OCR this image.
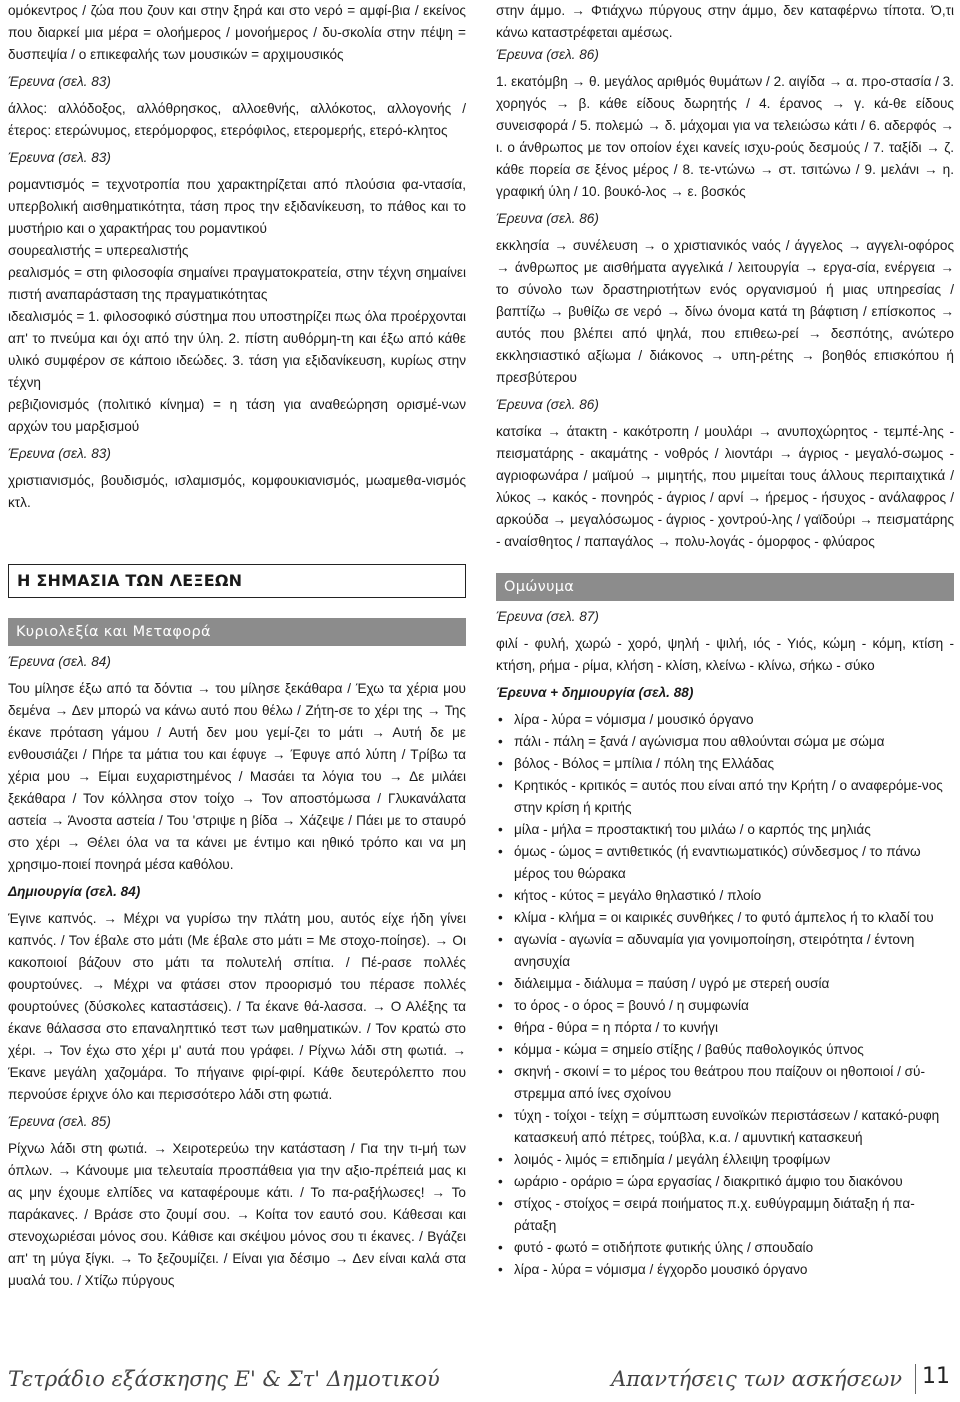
ομόκεντρος / ζώα που ζουν και στην ξηρά και στο νερό = αμφί-βια / εκείνος που διαρκεί μια μέρα = ολοήμερος / μονοήμερος / δυ-σκολία στην πέψη = δυσπεψία / ο επικεφαλής των μουσικών = αρχιμουσικός

Έρευνα (σελ. 83)

άλλος: αλλόδοξος, αλλόθρησκος, αλλοεθνής, αλλόκοτος, αλλογονής / έτερος: ετερώνυμος, ετερόμορφος, ετερόφιλος, ετερομερής, ετερό-κλητος

Έρευνα (σελ. 83)

ρομαντισμός = τεχνοτροπία που χαρακτηρίζεται από πλούσια φα-ντασία, υπερβολική αισθηματικότητα, τάση προς την εξιδανίκευση, το πάθος και το μυστήριο και ο χαρακτήρας του ρομαντικού

σουρεαλιστής = υπερεαλιστής

ρεαλισμός = στη φιλοσοφία σημαίνει πραγματοκρατεία, στην τέχνη σημαίνει πιστή αναπαράσταση της πραγματικότητας

ιδεαλισμός = 1. φιλοσοφικό σύστημα που υποστηρίζει πως όλα προέρχονται απ' το πνεύμα και όχι από την ύλη. 2. πίστη αυθόρμη-τη και έξω από κάθε υλικό συμφέρον σε κάποιο ιδεώδες. 3. τάση για εξιδανίκευση, κυρίως στην τέχνη

ρεβιζιονισμός (πολιτικό κίνημα) = η τάση για αναθεώρηση ορισμέ-νων αρχών του μαρξισμού

Έρευνα (σελ. 83)

χριστιανισμός, βουδισμός, ισλαμισμός, κομφουκιανισμός, μωαμεθα-νισμός κτλ.

Η ΣΗΜΑΣΙΑ ΤΩΝ ΛΕΞΕΩΝ
Κυριολεξία και Μεταφορά

Έρευνα (σελ. 84)

Του μίλησε έξω από τα δόντια → του μίλησε ξεκάθαρα / Έχω τα χέρια μου δεμένα → Δεν μπορώ να κάνω αυτό που θέλω / Ζήτη-σε το χέρι της → Της έκανε πρόταση γάμου / Αυτή δεν μου γεμί-ζει το μάτι → Αυτή δε με ενθουσιάζει / Πήρε τα μάτια του και έφυγε → Έφυγε από λύπη / Τρίβω τα χέρια μου → Είμαι ευχαριστημένος / Μασάει τα λόγια του → Δε μιλάει ξεκάθαρα / Τον κόλλησα στον τοίχο → Τον αποστόμωσα / Γλυκανάλατα αστεία → Άνοστα αστεία / Του 'στριψε η βίδα → Χάζεψε / Πάει με το σταυρό στο χέρι → Θέλει όλα να τα κάνει με έντιμο και ηθικό τρόπο και να μη χρησιμο-ποιεί πονηρά μέσα καθόλου.

Δημιουργία (σελ. 84)

Έγινε καπνός. → Μέχρι να γυρίσω την πλάτη μου, αυτός είχε ήδη γίνει καπνός. / Τον έβαλε στο μάτι (Με έβαλε στο μάτι = Με στοχο-ποίησε). → Οι κακοποιοί βάζουν στο μάτι τα πολυτελή σπίτια. / Πέ-ρασε πολλές φουρτούνες. → Μέχρι να φτάσει στον προορισμό του πέρασε πολλές φουρτούνες (δύσκολες καταστάσεις). / Τα έκανε θά-λασσα. → Ο Αλέξης τα έκανε θάλασσα στο επαναληπτικό τεστ των μαθηματικών. / Τον κρατώ στο χέρι. → Τον έχω στο χέρι μ' αυτά που γράφει. / Ρίχνω λάδι στη φωτιά. → Έκανε μεγάλη χαζομάρα. Το πήγαινε φιρί-φιρί. Κάθε δευτερόλεπτο που περνούσε έριχνε όλο και περισσότερο λάδι στη φωτιά.

Έρευνα (σελ. 85)

Ρίχνω λάδι στη φωτιά. → Χειροτερεύω την κατάσταση / Για την τι-μή των όπλων. → Κάνουμε μια τελευταία προσπάθεια για την αξιο-πρέπειά μας κι ας μην έχουμε ελπίδες να καταφέρουμε κάτι. / Το πα-ραξήλωσες! → Το παράκανες. / Βράσε στο ζουμί σου. → Κοίτα τον εαυτό σου. Κάθεσαι και στενοχωριέσαι μόνος σου. Κάθισε και σκέψου μόνος σου τι έκανες. / Βγάζει απ' τη μύγα ξίγκι. → Το ξεζουμίζει. / Είναι για δέσιμο → Δεν είναι καλά στα μυαλά του. / Χτίζω πύργους

στην άμμο. → Φτιάχνω πύργους στην άμμο, δεν καταφέρνω τίποτα. Ό,τι κάνω καταστρέφεται αμέσως.

Έρευνα (σελ. 86)

1. εκατόμβη → θ. μεγάλος αριθμός θυμάτων / 2. αιγίδα → α. προ-στασία / 3. χορηγός → β. κάθε είδους δωρητής / 4. έρανος → γ. κά-θε είδους συνεισφορά / 5. πολεμώ → δ. μάχομαι για να τελειώσω κάτι / 6. αδερφός → ι. ο άνθρωπος με τον οποίον έχει κανείς ισχυ-ρούς δεσμούς / 7. ταξίδι → ζ. κάθε πορεία σε ξένος μέρος / 8. τε-ντώνω → στ. τσιτώνω / 9. μελάνι → η. γραφική ύλη / 10. βουκό-λος → ε. βοσκός

Έρευνα (σελ. 86)

εκκλησία → συνέλευση → ο χριστιανικός ναός / άγγελος → αγγελι-οφόρος → άνθρωπος με αισθήματα αγγελικά / λειτουργία → εργα-σία, ενέργεια → το σύνολο των δραστηριοτήτων ενός οργανισμού ή μιας υπηρεσίας / βαπτίζω → βυθίζω σε νερό → δίνω όνομα κατά τη βάφτιση / επίσκοπος → αυτός που βλέπει από ψηλά, που επιθεω-ρεί → δεσπότης, ανώτερο εκκλησιαστικό αξίωμα / διάκονος → υπη-ρέτης → βοηθός επισκόπου ή πρεσβύτερου

Έρευνα (σελ. 86)

κατσίκα → άτακτη - κακότροπη / μουλάρι → ανυποχώρητος - τεμπέ-λης - πεισματάρης - ακαμάτης - νοθρός / λιοντάρι → άγριος - μεγαλό-σωμος - αγριοφωνάρα / μαϊμού → μιμητής, που μιμείται τους άλλους περιπαιχτικά / λύκος → κακός - πονηρός - άγριος / αρνί → ήρεμος - ήσυχος - ανάλαφρος / αρκούδα → μεγαλόσωμος - άγριος - χοντρού-λης / γαϊδούρι → πεισματάρης - αναίσθητος / παπαγάλος → πολυ-λογάς - όμορφος - φλύαρος

Ομώνυμα

Έρευνα (σελ. 87)

φιλί - φυλή, χωρώ - χορό, ψηλή - ψιλή, ιός - Υιός, κώμη - κόμη, κτίση - κτήση, ρήμα - ρίμα, κλήση - κλίση, κλείνω - κλίνω, σήκω - σύκο

Έρευνα + δημιουργία (σελ. 88)

• λίρα - λύρα = νόμισμα / μουσικό όργανο
• πάλι - πάλη = ξανά / αγώνισμα που αθλούνται σώμα με σώμα
• βόλος - Βόλος = μπίλια / πόλη της Ελλάδας
• Κρητικός - κριτικός = αυτός που είναι από την Κρήτη / ο αναφερόμε-νος στην κρίση ή κριτής
• μίλα - μήλα = προστακτική του μιλάω / ο καρπός της μηλιάς
• όμως - ώμος = αντιθετικός (ή εναντιωματικός) σύνδεσμος / το πάνω μέρος του θώρακα
• κήτος - κύτος = μεγάλο θηλαστικό / πλοίο
• κλίμα - κλήμα = οι καιρικές συνθήκες / το φυτό άμπελος ή το κλαδί του
• αγωνία - αγωνία = αδυναμία για γονιμοποίηση, στειρότητα / έντονη ανησυχία
• διάλειμμα - διάλυμα = παύση / υγρό με στερεή ουσία
• το όρος - ο όρος = βουνό / η συμφωνία
• θήρα - θύρα = η πόρτα / το κυνήγι
• κόμμα - κώμα = σημείο στίξης / βαθύς παθολογικός ύπνος
• σκηνή - σκοινί = το μέρος του θεάτρου που παίζουν οι ηθοποιοί / σύ-στρεμμα από ίνες σχοίνου
• τύχη - τοίχοι - τείχη = σύμπτωση ευνοϊκών περιστάσεων / κατακό-ρυφη κατασκευή από πέτρες, τούβλα, κ.α. / αμυντική κατασκευή
• λοιμός - λιμός = επιδημία / μεγάλη έλλειψη τροφίμων
• ωράριο - οράριο = ώρα εργασίας / διακριτικό άμφιο του διακόνου
• στίχος - στοίχος = σειρά ποιήματος π.χ. ευθύγραμμη διάταξη ή πα-ράταξη
• φυτό - φωτό = οτιδήποτε φυτικής ύλης / σπουδαίο
• λίρα - λύρα = νόμισμα / έγχορδο μουσικό όργανο
Τετράδιο εξάσκησης Ε' & Στ' Δημοτικού	Απαντήσεις των ασκήσεων 11
